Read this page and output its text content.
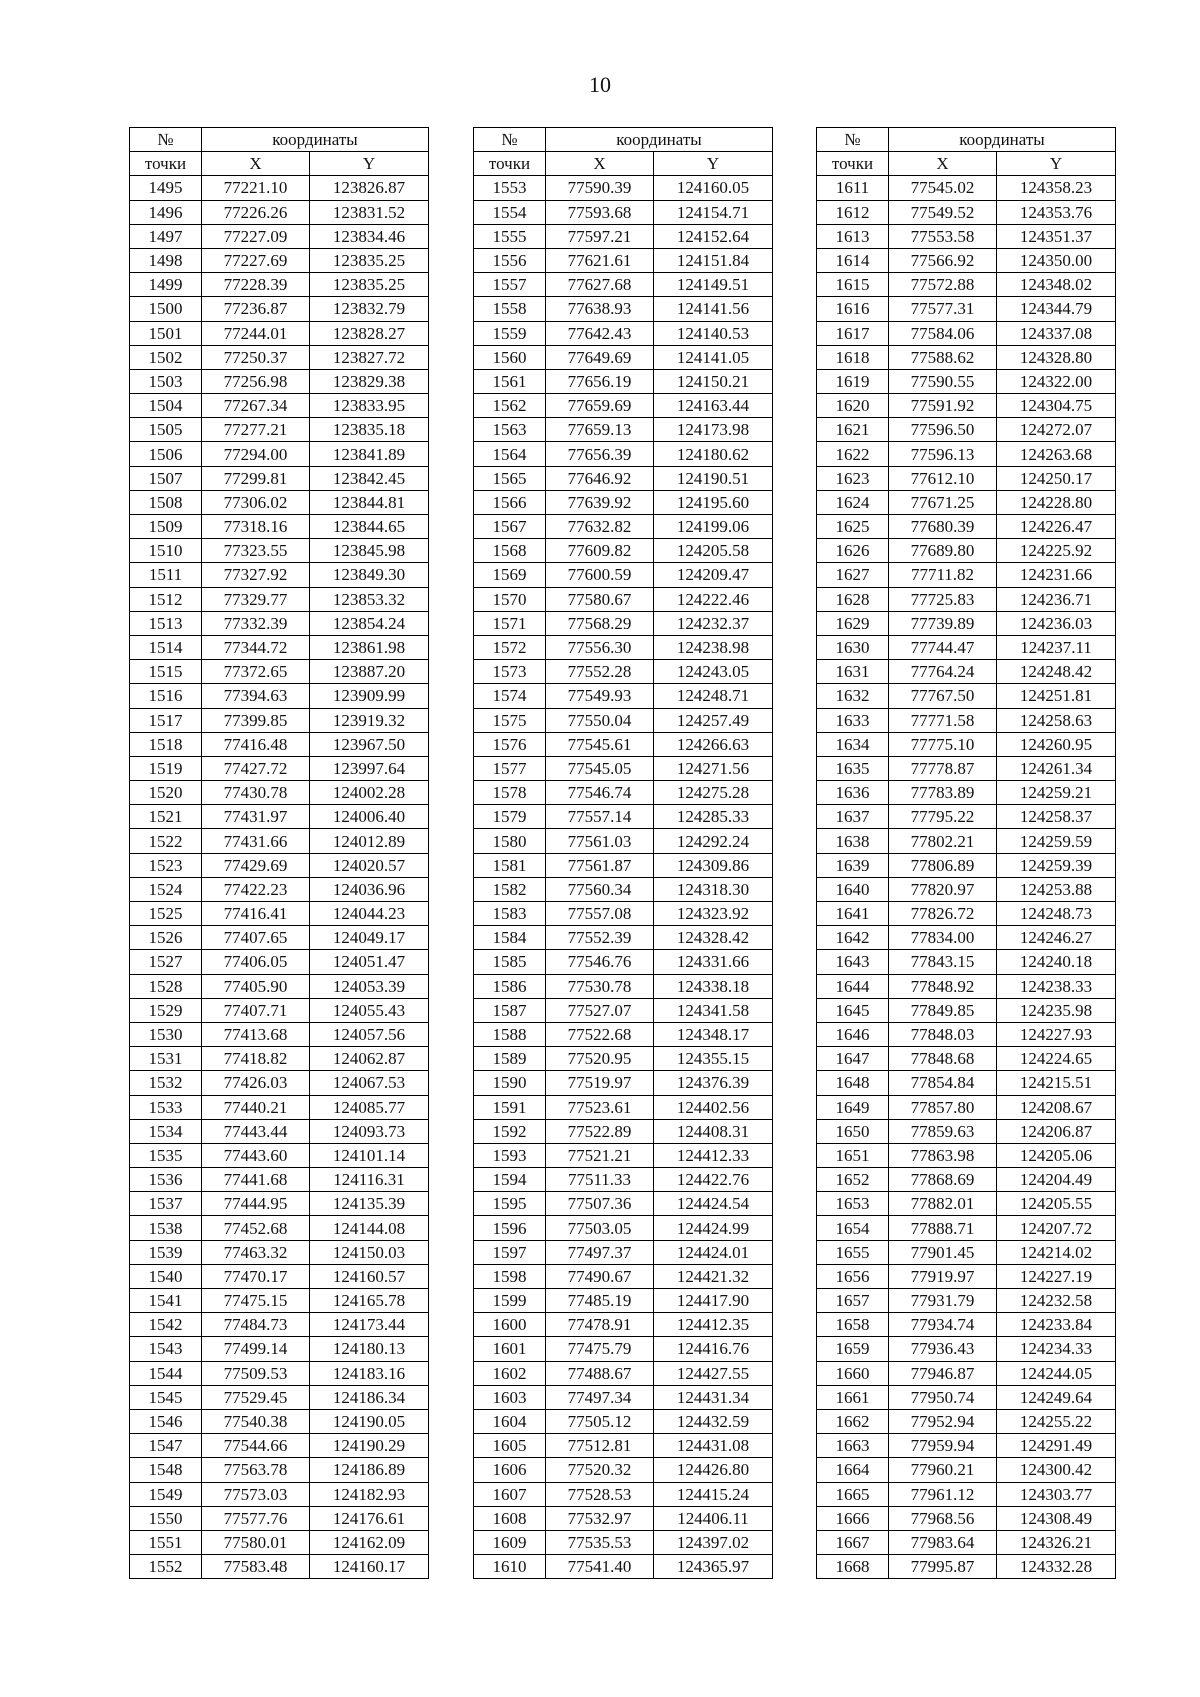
10
№	координаты	
точки	X	Y
1495	77221.10	123826.87
1496	77226.26	123831.52
1497	77227.09	123834.46
1498	77227.69	123835.25
1499	77228.39	123835.25
1500	77236.87	123832.79
1501	77244.01	123828.27
1502	77250.37	123827.72
1503	77256.98	123829.38
1504	77267.34	123833.95
1505	77277.21	123835.18
1506	77294.00	123841.89
1507	77299.81	123842.45
1508	77306.02	123844.81
1509	77318.16	123844.65
1510	77323.55	123845.98
1511	77327.92	123849.30
1512	77329.77	123853.32
1513	77332.39	123854.24
1514	77344.72	123861.98
1515	77372.65	123887.20
1516	77394.63	123909.99
1517	77399.85	123919.32
1518	77416.48	123967.50
1519	77427.72	123997.64
1520	77430.78	124002.28
1521	77431.97	124006.40
1522	77431.66	124012.89
1523	77429.69	124020.57
1524	77422.23	124036.96
1525	77416.41	124044.23
1526	77407.65	124049.17
1527	77406.05	124051.47
1528	77405.90	124053.39
1529	77407.71	124055.43
1530	77413.68	124057.56
1531	77418.82	124062.87
1532	77426.03	124067.53
1533	77440.21	124085.77
1534	77443.44	124093.73
1535	77443.60	124101.14
1536	77441.68	124116.31
1537	77444.95	124135.39
1538	77452.68	124144.08
1539	77463.32	124150.03
1540	77470.17	124160.57
1541	77475.15	124165.78
1542	77484.73	124173.44
1543	77499.14	124180.13
1544	77509.53	124183.16
1545	77529.45	124186.34
1546	77540.38	124190.05
1547	77544.66	124190.29
1548	77563.78	124186.89
1549	77573.03	124182.93
1550	77577.76	124176.61
1551	77580.01	124162.09
1552	77583.48	124160.17
№	координаты	
точки	X	Y
1553	77590.39	124160.05
1554	77593.68	124154.71
1555	77597.21	124152.64
1556	77621.61	124151.84
1557	77627.68	124149.51
1558	77638.93	124141.56
1559	77642.43	124140.53
1560	77649.69	124141.05
1561	77656.19	124150.21
1562	77659.69	124163.44
1563	77659.13	124173.98
1564	77656.39	124180.62
1565	77646.92	124190.51
1566	77639.92	124195.60
1567	77632.82	124199.06
1568	77609.82	124205.58
1569	77600.59	124209.47
1570	77580.67	124222.46
1571	77568.29	124232.37
1572	77556.30	124238.98
1573	77552.28	124243.05
1574	77549.93	124248.71
1575	77550.04	124257.49
1576	77545.61	124266.63
1577	77545.05	124271.56
1578	77546.74	124275.28
1579	77557.14	124285.33
1580	77561.03	124292.24
1581	77561.87	124309.86
1582	77560.34	124318.30
1583	77557.08	124323.92
1584	77552.39	124328.42
1585	77546.76	124331.66
1586	77530.78	124338.18
1587	77527.07	124341.58
1588	77522.68	124348.17
1589	77520.95	124355.15
1590	77519.97	124376.39
1591	77523.61	124402.56
1592	77522.89	124408.31
1593	77521.21	124412.33
1594	77511.33	124422.76
1595	77507.36	124424.54
1596	77503.05	124424.99
1597	77497.37	124424.01
1598	77490.67	124421.32
1599	77485.19	124417.90
1600	77478.91	124412.35
1601	77475.79	124416.76
1602	77488.67	124427.55
1603	77497.34	124431.34
1604	77505.12	124432.59
1605	77512.81	124431.08
1606	77520.32	124426.80
1607	77528.53	124415.24
1608	77532.97	124406.11
1609	77535.53	124397.02
1610	77541.40	124365.97
№	координаты	
точки	X	Y
1611	77545.02	124358.23
1612	77549.52	124353.76
1613	77553.58	124351.37
1614	77566.92	124350.00
1615	77572.88	124348.02
1616	77577.31	124344.79
1617	77584.06	124337.08
1618	77588.62	124328.80
1619	77590.55	124322.00
1620	77591.92	124304.75
1621	77596.50	124272.07
1622	77596.13	124263.68
1623	77612.10	124250.17
1624	77671.25	124228.80
1625	77680.39	124226.47
1626	77689.80	124225.92
1627	77711.82	124231.66
1628	77725.83	124236.71
1629	77739.89	124236.03
1630	77744.47	124237.11
1631	77764.24	124248.42
1632	77767.50	124251.81
1633	77771.58	124258.63
1634	77775.10	124260.95
1635	77778.87	124261.34
1636	77783.89	124259.21
1637	77795.22	124258.37
1638	77802.21	124259.59
1639	77806.89	124259.39
1640	77820.97	124253.88
1641	77826.72	124248.73
1642	77834.00	124246.27
1643	77843.15	124240.18
1644	77848.92	124238.33
1645	77849.85	124235.98
1646	77848.03	124227.93
1647	77848.68	124224.65
1648	77854.84	124215.51
1649	77857.80	124208.67
1650	77859.63	124206.87
1651	77863.98	124205.06
1652	77868.69	124204.49
1653	77882.01	124205.55
1654	77888.71	124207.72
1655	77901.45	124214.02
1656	77919.97	124227.19
1657	77931.79	124232.58
1658	77934.74	124233.84
1659	77936.43	124234.33
1660	77946.87	124244.05
1661	77950.74	124249.64
1662	77952.94	124255.22
1663	77959.94	124291.49
1664	77960.21	124300.42
1665	77961.12	124303.77
1666	77968.56	124308.49
1667	77983.64	124326.21
1668	77995.87	124332.28
